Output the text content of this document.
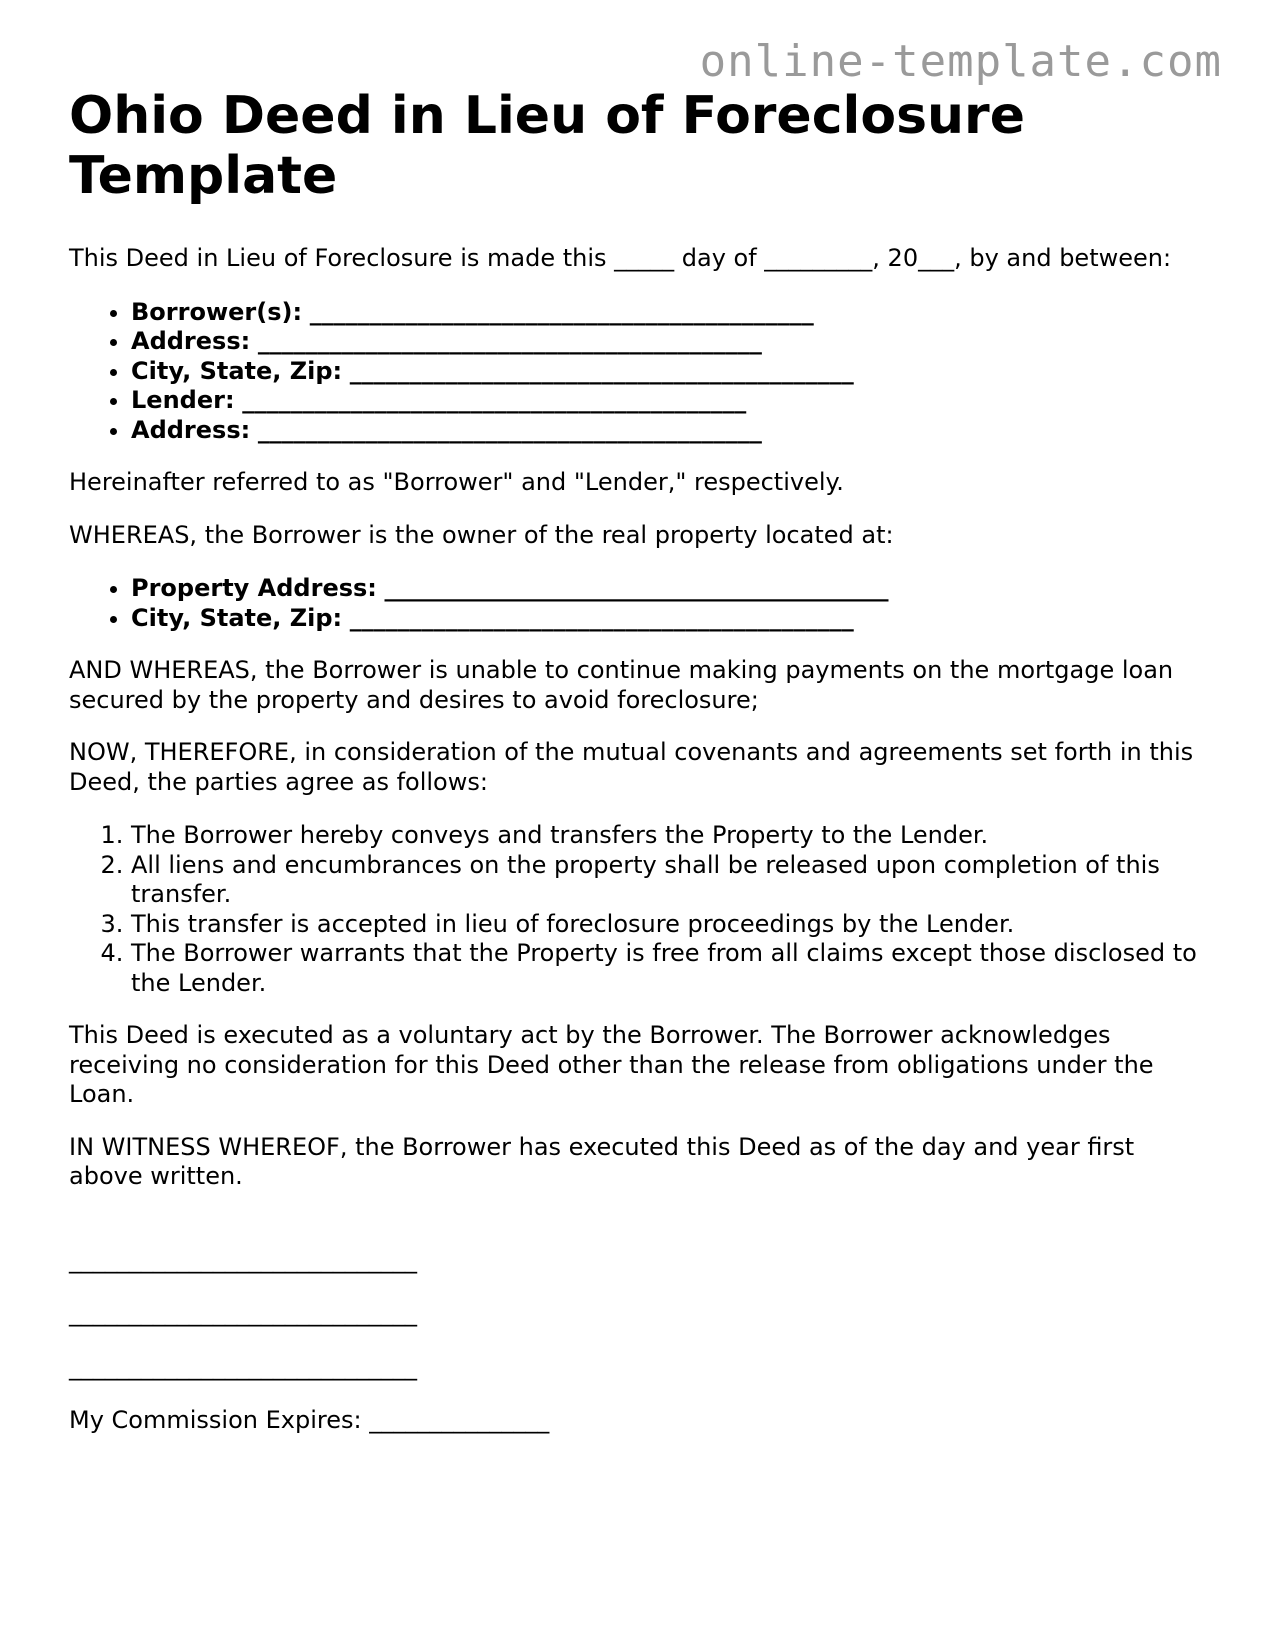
online-template.com
Ohio Deed in Lieu of Foreclosure
Template

This Deed in Lieu of Foreclosure is made this _____ day of _________, 20___, by and between:

• Borrower(s): __________________________________________
• Address: __________________________________________
• City, State, Zip: __________________________________________
• Lender: __________________________________________
• Address: __________________________________________

Hereinafter referred to as "Borrower" and "Lender," respectively.

WHEREAS, the Borrower is the owner of the real property located at:

• Property Address: __________________________________________
• City, State, Zip: __________________________________________

AND WHEREAS, the Borrower is unable to continue making payments on the mortgage loan secured by the property and desires to avoid foreclosure;

NOW, THEREFORE, in consideration of the mutual covenants and agreements set forth in this Deed, the parties agree as follows:

1. The Borrower hereby conveys and transfers the Property to the Lender.
2. All liens and encumbrances on the property shall be released upon completion of this transfer.
3. This transfer is accepted in lieu of foreclosure proceedings by the Lender.
4. The Borrower warrants that the Property is free from all claims except those disclosed to the Lender.

This Deed is executed as a voluntary act by the Borrower. The Borrower acknowledges receiving no consideration for this Deed other than the release from obligations under the Loan.

IN WITNESS WHEREOF, the Borrower has executed this Deed as of the day and year first above written.

_____________________________
_____________________________
_____________________________

My Commission Expires: _______________
